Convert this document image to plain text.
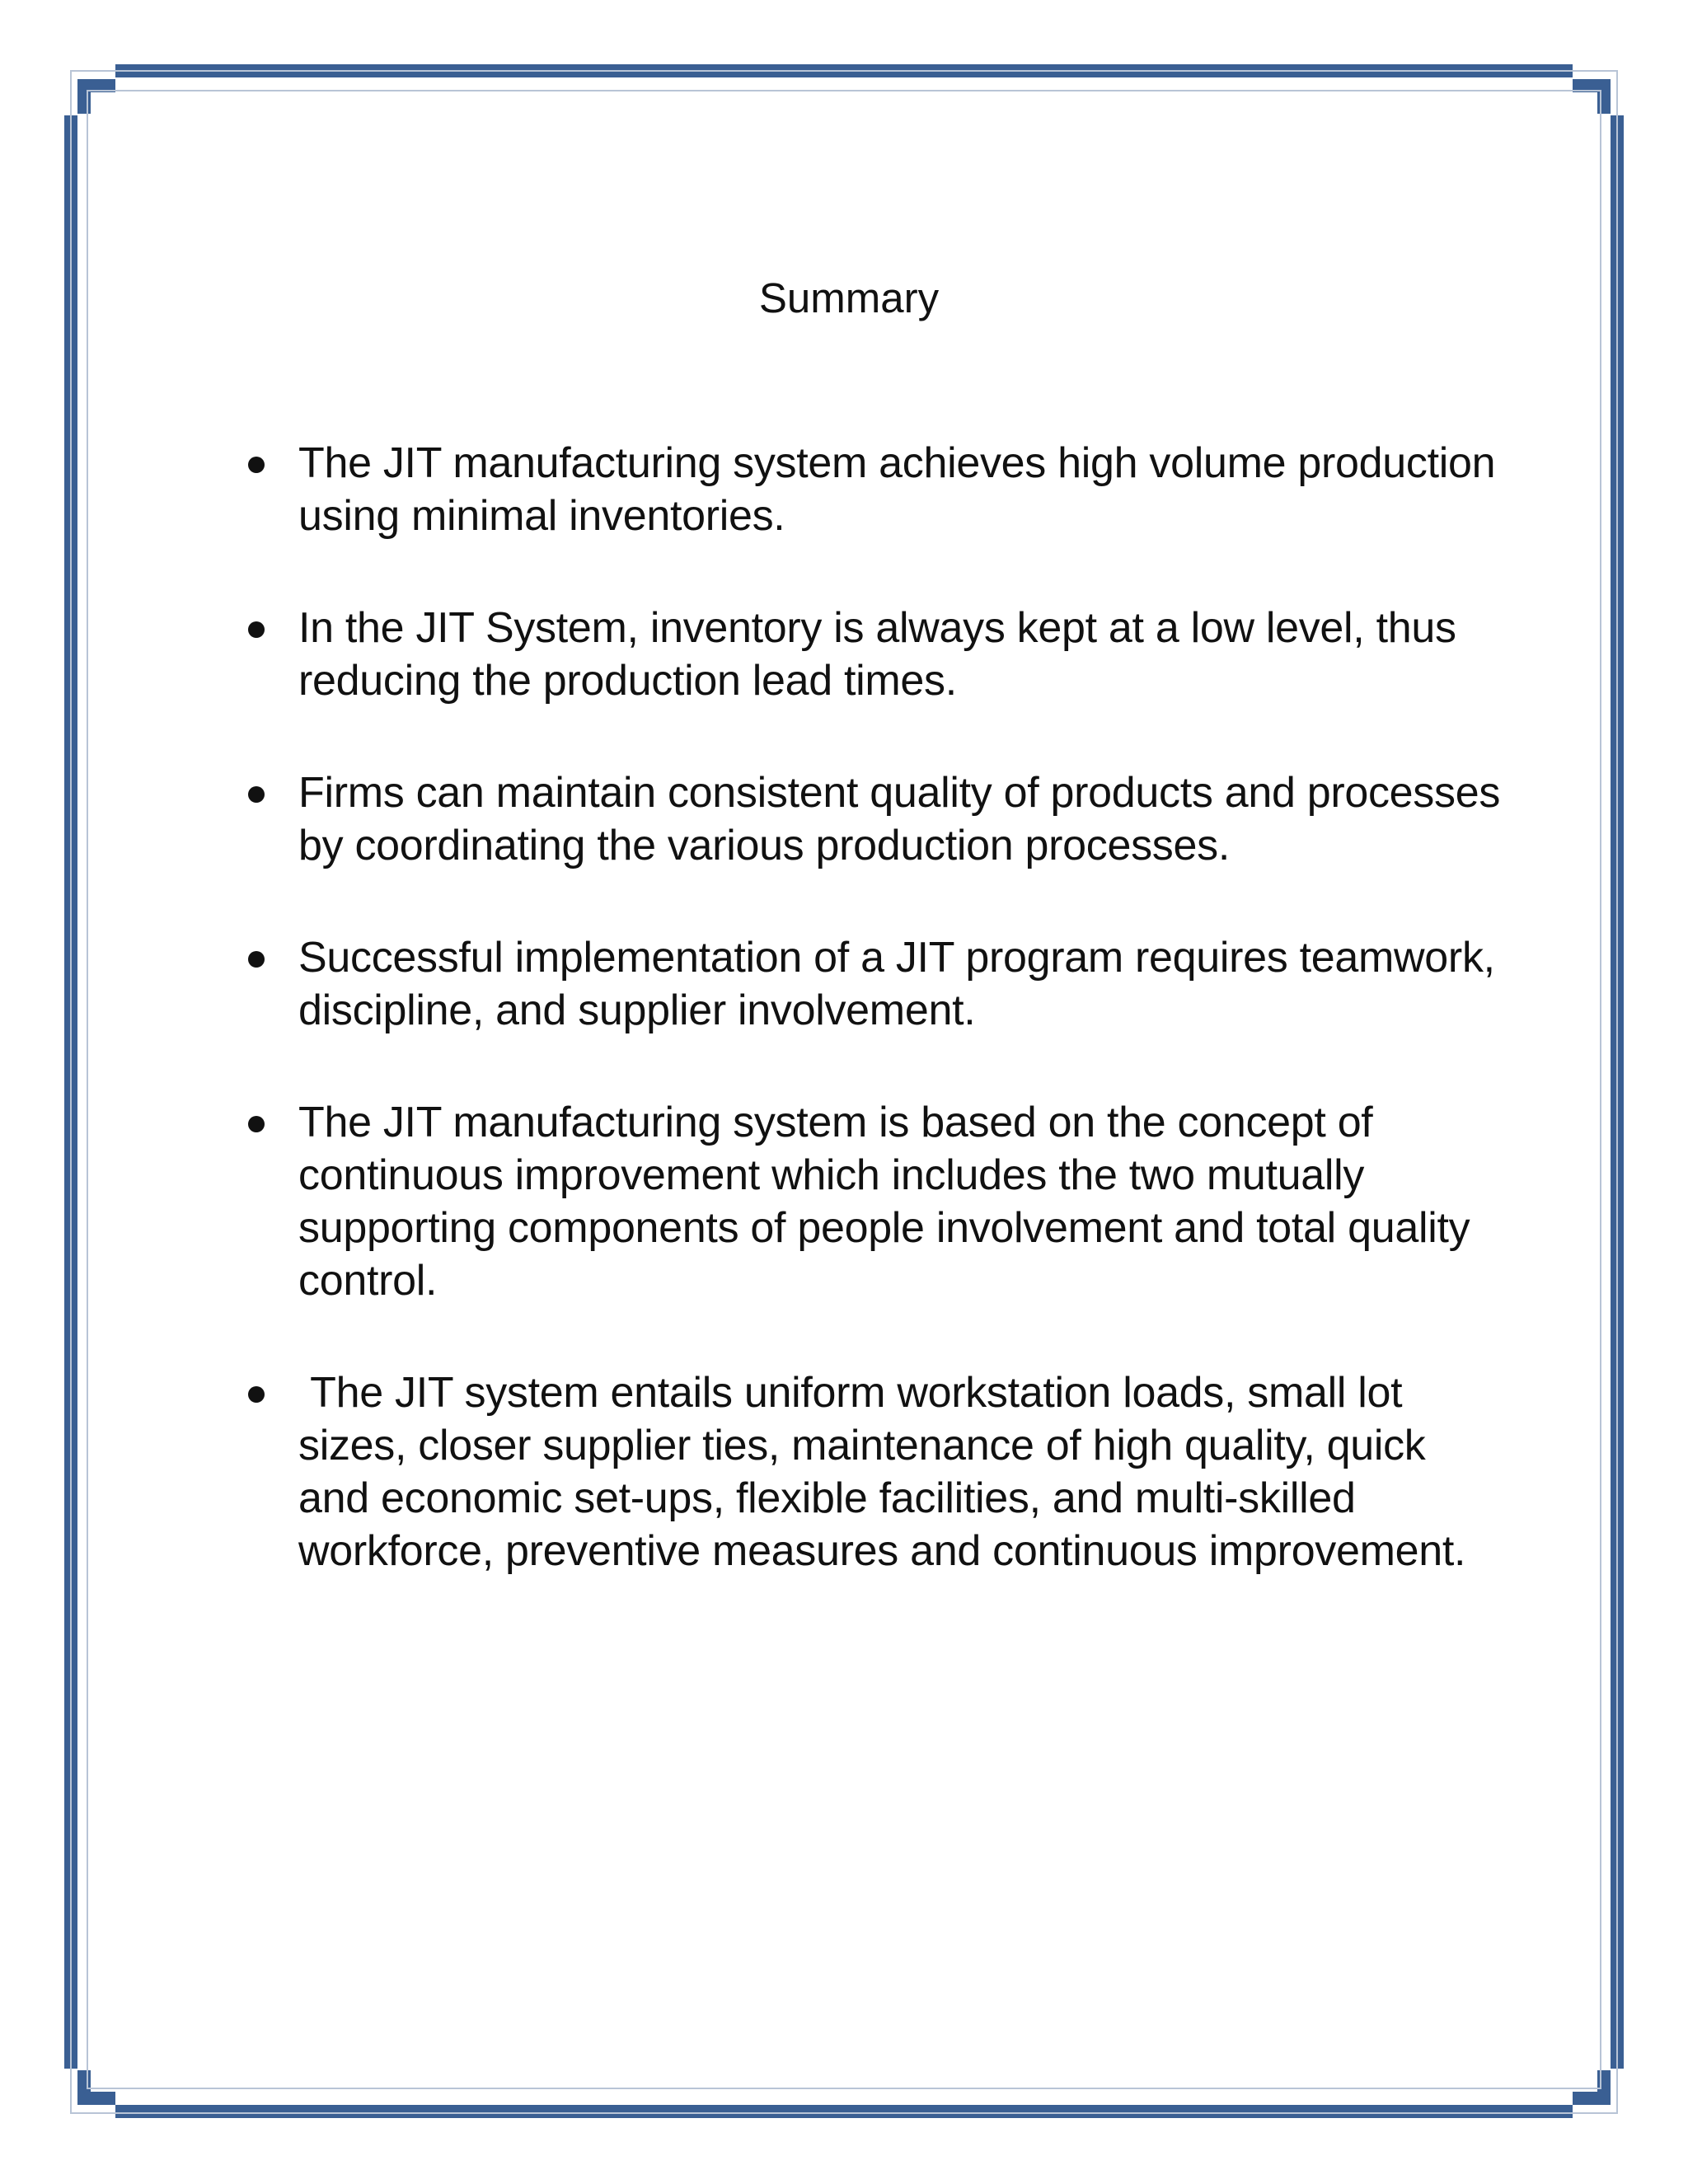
Summary
The JIT manufacturing system achieves high volume production using minimal inventories.
In the JIT System, inventory is always kept at a low level, thus reducing the production lead times.
Firms can maintain consistent quality of products and processes by coordinating the various production processes.
Successful implementation of a JIT program requires teamwork, discipline, and supplier involvement.
The JIT manufacturing system is based on the concept of continuous improvement which includes the two mutually supporting components of people involvement and total quality control.
The JIT system entails uniform workstation loads, small lot sizes, closer supplier ties, maintenance of high quality, quick and economic set-ups, flexible facilities, and multi-skilled workforce, preventive measures and continuous improvement.
